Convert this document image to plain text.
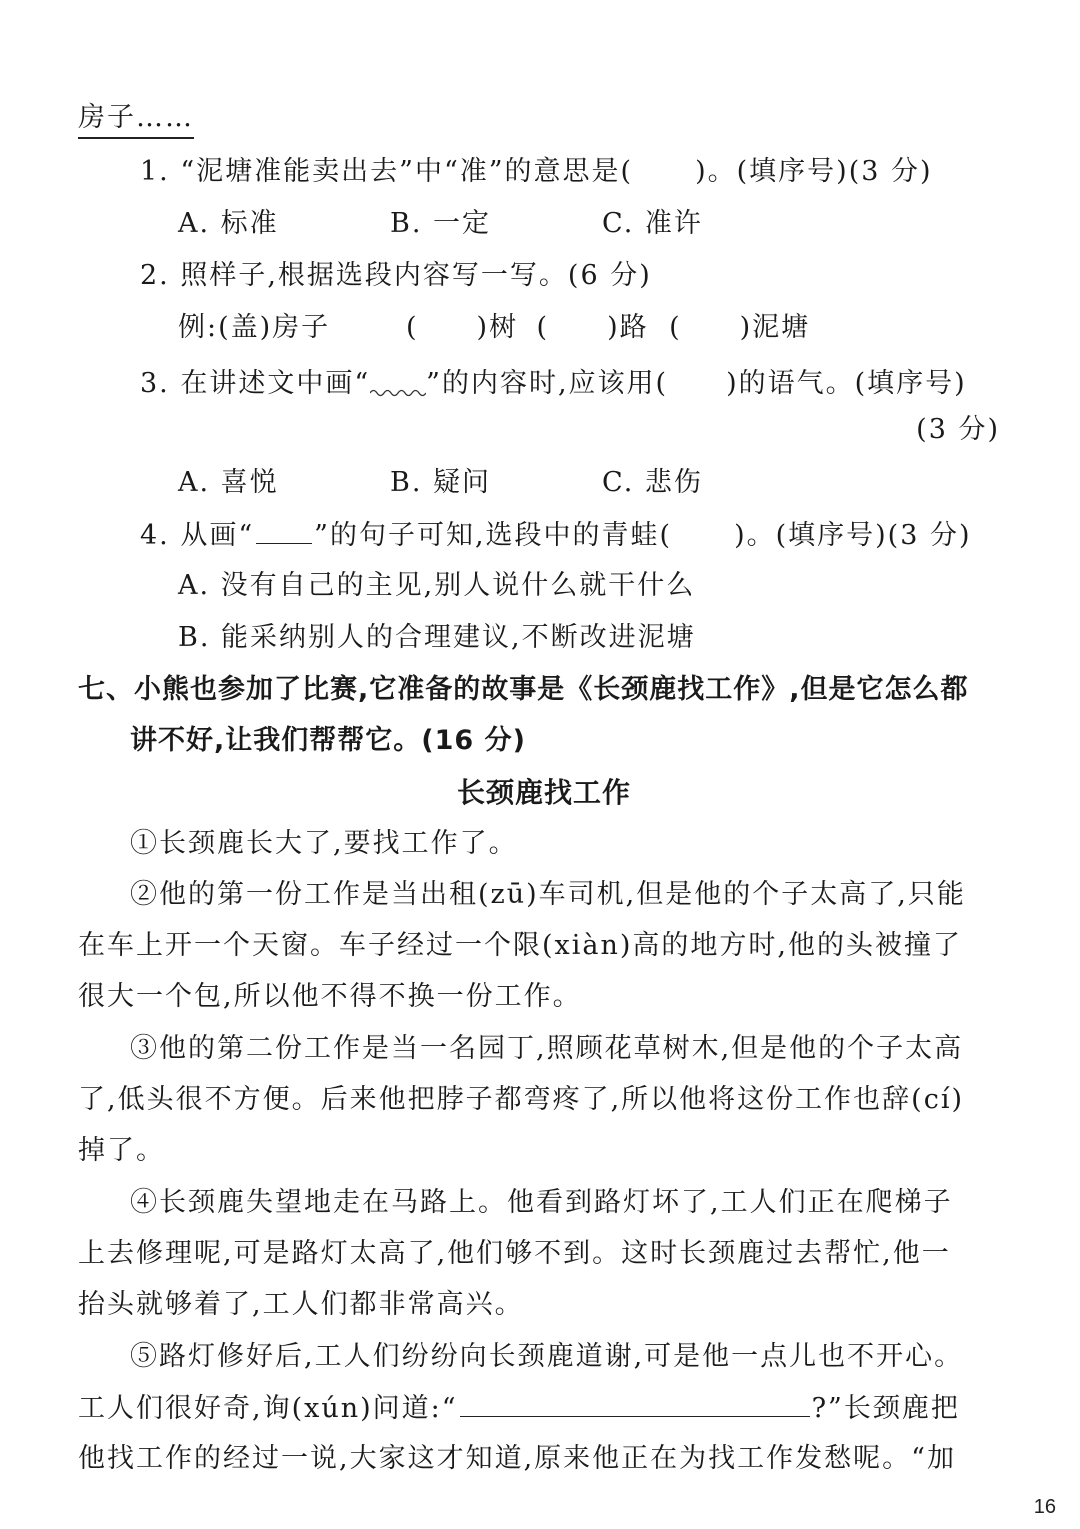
房子……
1. “泥塘准能卖出去”中“准”的意思是( )。(填序号)(3 分)
A. 标准	B. 一定	C. 准许
2. 照样子,根据选段内容写一写。(6 分)
例:(盖)房子	( )树 ( )路 ( )泥塘
3. 在讲述文中画“ ”的内容时,应该用( )的语气。(填序号)
(3 分)
A. 喜悦	B. 疑问	C. 悲伤
4. 从画“ ”的句子可知,选段中的青蛙( )。(填序号)(3 分)
A. 没有自己的主见,别人说什么就干什么
B. 能采纳别人的合理建议,不断改进泥塘
七、小熊也参加了比赛,它准备的故事是《长颈鹿找工作》,但是它怎么都
讲不好,让我们帮帮它。(16 分)
长颈鹿找工作
①长颈鹿长大了,要找工作了。
②他的第一份工作是当出租(zū)车司机,但是他的个子太高了,只能
在车上开一个天窗。车子经过一个限(xiàn)高的地方时,他的头被撞了
很大一个包,所以他不得不换一份工作。
③他的第二份工作是当一名园丁,照顾花草树木,但是他的个子太高
了,低头很不方便。后来他把脖子都弯疼了,所以他将这份工作也辞(cí)
掉了。
④长颈鹿失望地走在马路上。他看到路灯坏了,工人们正在爬梯子
上去修理呢,可是路灯太高了,他们够不到。这时长颈鹿过去帮忙,他一
抬头就够着了,工人们都非常高兴。
⑤路灯修好后,工人们纷纷向长颈鹿道谢,可是他一点儿也不开心。
工人们很好奇,询(xún)问道:“	?”长颈鹿把
他找工作的经过一说,大家这才知道,原来他正在为找工作发愁呢。“加
16
